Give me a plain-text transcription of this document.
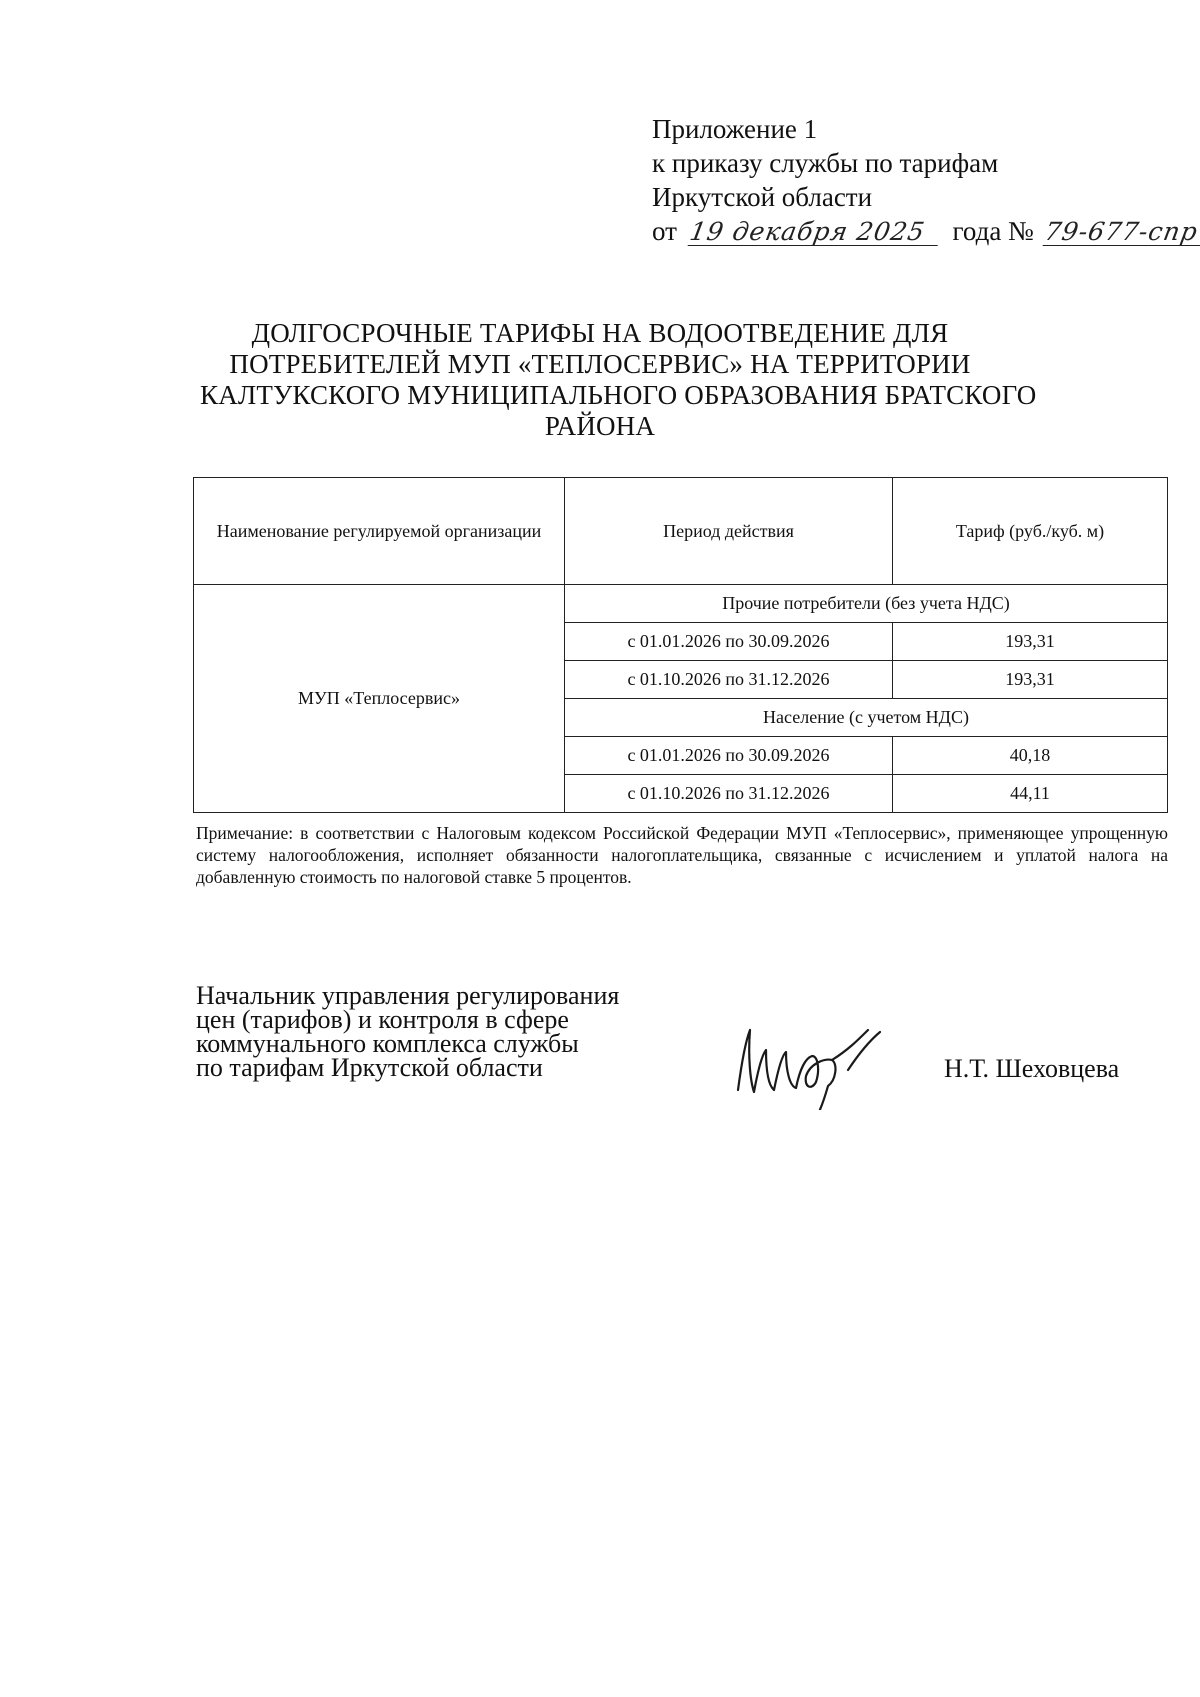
Приложение 1
к приказу службы по тарифам
Иркутской области
от 19 декабря 2025 года № 79-677-спр
ДОЛГОСРОЧНЫЕ ТАРИФЫ НА ВОДООТВЕДЕНИЕ ДЛЯ
ПОТРЕБИТЕЛЕЙ МУП «ТЕПЛОСЕРВИС» НА ТЕРРИТОРИИ
КАЛТУКСКОГО МУНИЦИПАЛЬНОГО ОБРАЗОВАНИЯ БРАТСКОГО
РАЙОНА
Наименование регулируемой организации	Период действия	Тариф (руб./куб. м)
МУП «Теплосервис»	Прочие потребители (без учета НДС)	
	с 01.01.2026 по 30.09.2026	193,31
	с 01.10.2026 по 31.12.2026	193,31
	Население (с учетом НДС)	
	с 01.01.2026 по 30.09.2026	40,18
	с 01.10.2026 по 31.12.2026	44,11
Примечание: в соответствии с Налоговым кодексом Российской Федерации МУП «Теплосервис», применяющее упрощенную систему налогообложения, исполняет обязанности налогоплательщика, связанные с исчислением и уплатой налога на добавленную стоимость по налоговой ставке 5 процентов.
Начальник управления регулирования
цен (тарифов) и контроля в сфере
коммунального комплекса службы
по тарифам Иркутской области	Н.Т. Шеховцева
